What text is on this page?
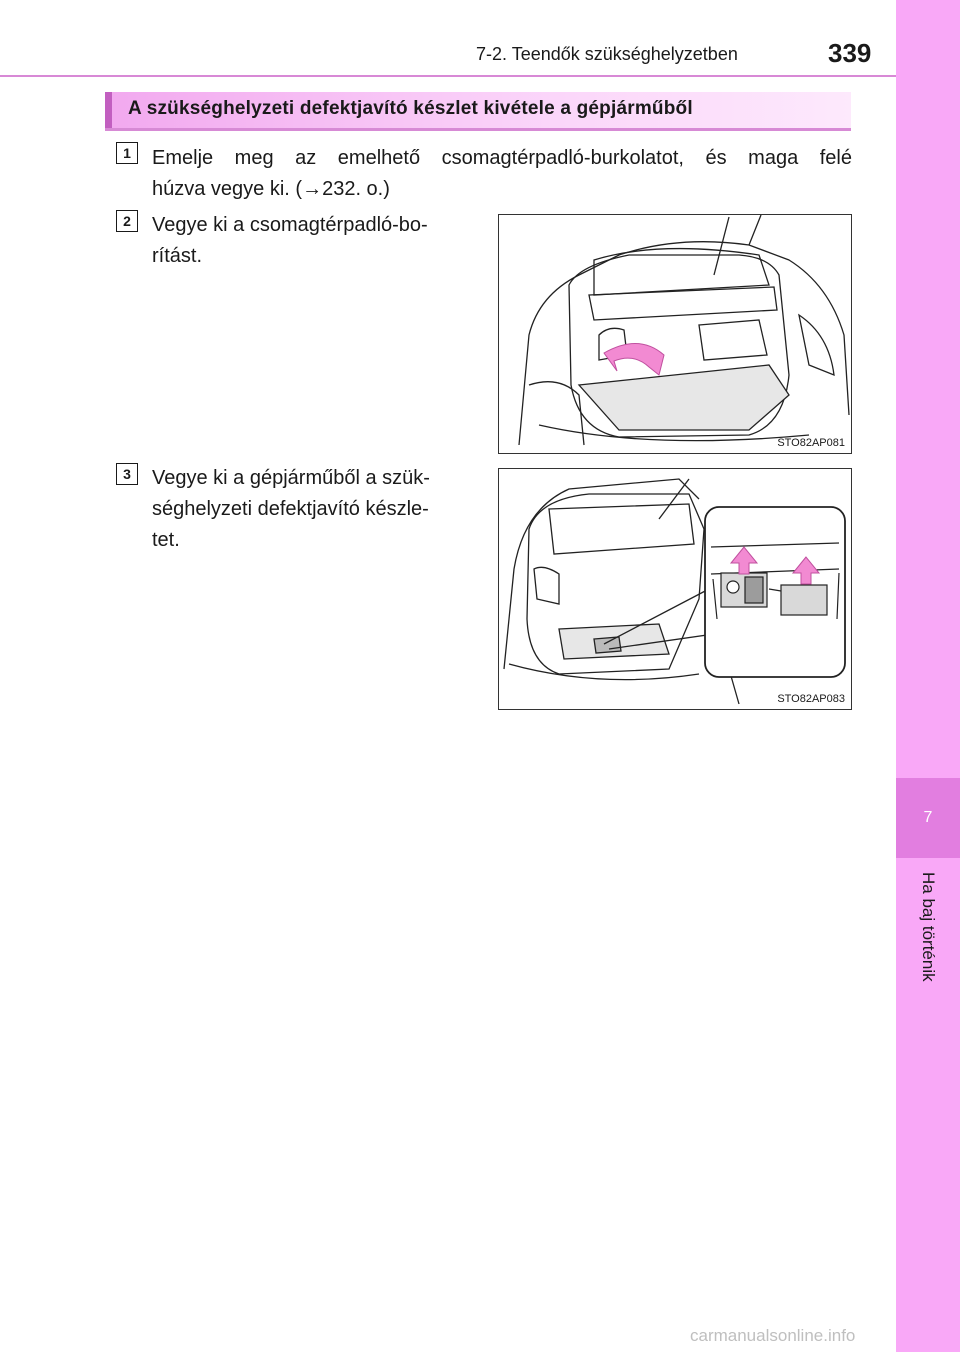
7-2. Teendők szükséghelyzetben	339
7
Ha baj történik
A szükséghelyzeti defektjavító készlet kivétele a gépjárműből
1	Emelje meg az emelhető csomagtérpadló-burkolatot, és maga felé
húzva vegye ki. (→232. o.)
2	Vegye ki a csomagtérpadló-bo-
rítást.
STO82AP081
3	Vegye ki a gépjárműből a szük-
séghelyzeti defektjavító készle-
tet.
STO82AP083
carmanualsonline.info
